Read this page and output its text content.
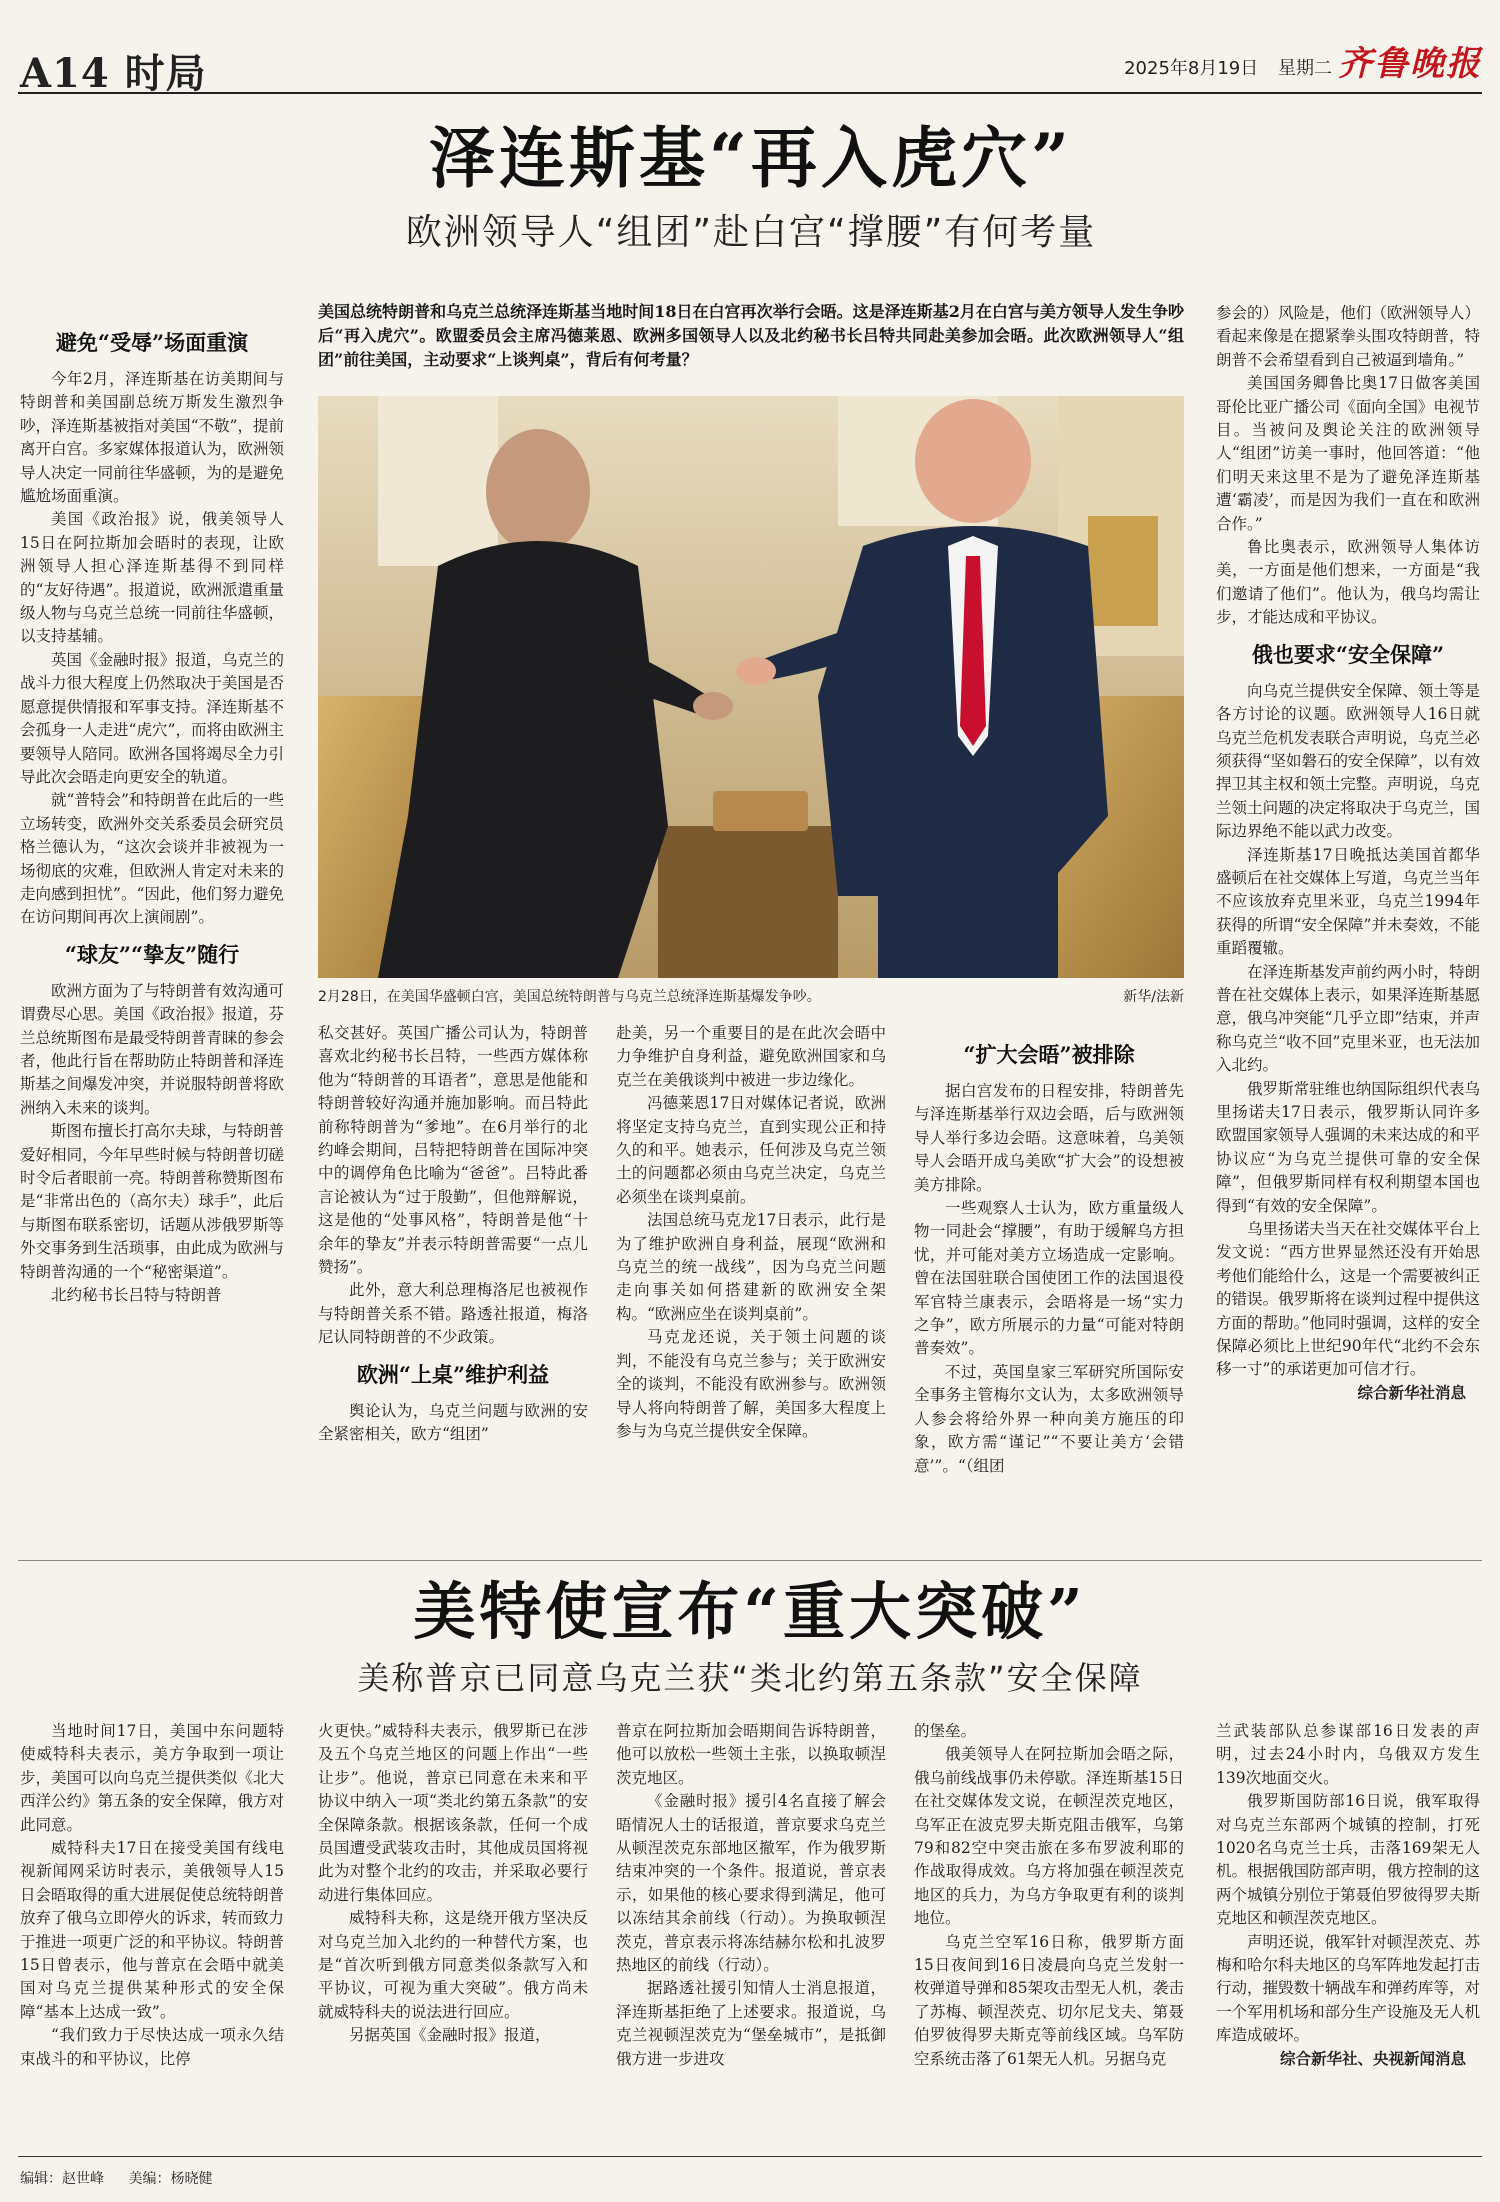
A14 时局	2025年8月19日 星期二 齐鲁晚报
泽连斯基“再入虎穴”
欧洲领导人“组团”赴白宫“撑腰”有何考量
避免“受辱”场面重演

今年2月，泽连斯基在访美期间与特朗普和美国副总统万斯发生激烈争吵，泽连斯基被指对美国“不敬”，提前离开白宫。多家媒体报道认为，欧洲领导人决定一同前往华盛顿，为的是避免尴尬场面重演。

美国《政治报》说，俄美领导人15日在阿拉斯加会晤时的表现，让欧洲领导人担心泽连斯基得不到同样的“友好待遇”。报道说，欧洲派遣重量级人物与乌克兰总统一同前往华盛顿，以支持基辅。

英国《金融时报》报道，乌克兰的战斗力很大程度上仍然取决于美国是否愿意提供情报和军事支持。泽连斯基不会孤身一人走进“虎穴”，而将由欧洲主要领导人陪同。欧洲各国将竭尽全力引导此次会晤走向更安全的轨道。

就“普特会”和特朗普在此后的一些立场转变，欧洲外交关系委员会研究员格兰德认为，“这次会谈并非被视为一场彻底的灾难，但欧洲人肯定对未来的走向感到担忧”。“因此，他们努力避免在访问期间再次上演闹剧”。

“球友”“挚友”随行

欧洲方面为了与特朗普有效沟通可谓费尽心思。美国《政治报》报道，芬兰总统斯图布是最受特朗普青睐的参会者，他此行旨在帮助防止特朗普和泽连斯基之间爆发冲突，并说服特朗普将欧洲纳入未来的谈判。

斯图布擅长打高尔夫球，与特朗普爱好相同，今年早些时候与特朗普切磋时令后者眼前一亮。特朗普称赞斯图布是“非常出色的（高尔夫）球手”，此后与斯图布联系密切，话题从涉俄罗斯等外交事务到生活琐事，由此成为欧洲与特朗普沟通的一个“秘密渠道”。

北约秘书长吕特与特朗普

美国总统特朗普和乌克兰总统泽连斯基当地时间18日在白宫再次举行会晤。这是泽连斯基2月在白宫与美方领导人发生争吵后“再入虎穴”。欧盟委员会主席冯德莱恩、欧洲多国领导人以及北约秘书长吕特共同赴美参加会晤。此次欧洲领导人“组团”前往美国，主动要求“上谈判桌”，背后有何考量？
2月28日，在美国华盛顿白宫，美国总统特朗普与乌克兰总统泽连斯基爆发争吵。	新华/法新

私交甚好。英国广播公司认为，特朗普喜欢北约秘书长吕特，一些西方媒体称他为“特朗普的耳语者”，意思是他能和特朗普较好沟通并施加影响。而吕特此前称特朗普为“爹地”。在6月举行的北约峰会期间，吕特把特朗普在国际冲突中的调停角色比喻为“爸爸”。吕特此番言论被认为“过于殷勤”，但他辩解说，这是他的“处事风格”，特朗普是他“十余年的挚友”并表示特朗普需要“一点儿赞扬”。

此外，意大利总理梅洛尼也被视作与特朗普关系不错。路透社报道，梅洛尼认同特朗普的不少政策。

欧洲“上桌”维护利益

舆论认为，乌克兰问题与欧洲的安全紧密相关，欧方“组团”

赴美，另一个重要目的是在此次会晤中力争维护自身利益，避免欧洲国家和乌克兰在美俄谈判中被进一步边缘化。

冯德莱恩17日对媒体记者说，欧洲将坚定支持乌克兰，直到实现公正和持久的和平。她表示，任何涉及乌克兰领土的问题都必须由乌克兰决定，乌克兰必须坐在谈判桌前。

法国总统马克龙17日表示，此行是为了维护欧洲自身利益，展现“欧洲和乌克兰的统一战线”，因为乌克兰问题走向事关如何搭建新的欧洲安全架构。“欧洲应坐在谈判桌前”。

马克龙还说，关于领土问题的谈判，不能没有乌克兰参与；关于欧洲安全的谈判，不能没有欧洲参与。欧洲领导人将向特朗普了解，美国多大程度上参与为乌克兰提供安全保障。

“扩大会晤”被排除

据白宫发布的日程安排，特朗普先与泽连斯基举行双边会晤，后与欧洲领导人举行多边会晤。这意味着，乌美领导人会晤开成乌美欧“扩大会”的设想被美方排除。

一些观察人士认为，欧方重量级人物一同赴会“撑腰”，有助于缓解乌方担忧，并可能对美方立场造成一定影响。曾在法国驻联合国使团工作的法国退役军官特兰康表示，会晤将是一场“实力之争”，欧方所展示的力量“可能对特朗普奏效”。

不过，英国皇家三军研究所国际安全事务主管梅尔文认为，太多欧洲领导人参会将给外界一种向美方施压的印象，欧方需“谨记”“不要让美方‘会错意’”。“（组团

参会的）风险是，他们（欧洲领导人）看起来像是在摁紧拳头围攻特朗普，特朗普不会希望看到自己被逼到墙角。”

美国国务卿鲁比奥17日做客美国哥伦比亚广播公司《面向全国》电视节目。当被问及舆论关注的欧洲领导人“组团”访美一事时，他回答道：“他们明天来这里不是为了避免泽连斯基遭‘霸凌’，而是因为我们一直在和欧洲合作。”

鲁比奥表示，欧洲领导人集体访美，一方面是他们想来，一方面是“我们邀请了他们”。他认为，俄乌均需让步，才能达成和平协议。

俄也要求“安全保障”

向乌克兰提供安全保障、领土等是各方讨论的议题。欧洲领导人16日就乌克兰危机发表联合声明说，乌克兰必须获得“坚如磐石的安全保障”，以有效捍卫其主权和领土完整。声明说，乌克兰领土问题的决定将取决于乌克兰，国际边界绝不能以武力改变。

泽连斯基17日晚抵达美国首都华盛顿后在社交媒体上写道，乌克兰当年不应该放弃克里米亚，乌克兰1994年获得的所谓“安全保障”并未奏效，不能重蹈覆辙。

在泽连斯基发声前约两小时，特朗普在社交媒体上表示，如果泽连斯基愿意，俄乌冲突能“几乎立即”结束，并声称乌克兰“收不回”克里米亚，也无法加入北约。

俄罗斯常驻维也纳国际组织代表乌里扬诺夫17日表示，俄罗斯认同许多欧盟国家领导人强调的未来达成的和平协议应“为乌克兰提供可靠的安全保障”，但俄罗斯同样有权利期望本国也得到“有效的安全保障”。

乌里扬诺夫当天在社交媒体平台上发文说：“西方世界显然还没有开始思考他们能给什么，这是一个需要被纠正的错误。俄罗斯将在谈判过程中提供这方面的帮助。”他同时强调，这样的安全保障必须比上世纪90年代“北约不会东移一寸”的承诺更加可信才行。

综合新华社消息

美特使宣布“重大突破”
美称普京已同意乌克兰获“类北约第五条款”安全保障

当地时间17日，美国中东问题特使威特科夫表示，美方争取到一项让步，美国可以向乌克兰提供类似《北大西洋公约》第五条的安全保障，俄方对此同意。

威特科夫17日在接受美国有线电视新闻网采访时表示，美俄领导人15日会晤取得的重大进展促使总统特朗普放弃了俄乌立即停火的诉求，转而致力于推进一项更广泛的和平协议。特朗普15日曾表示，他与普京在会晤中就美国对乌克兰提供某种形式的安全保障“基本上达成一致”。

“我们致力于尽快达成一项永久结束战斗的和平协议，比停

火更快。”威特科夫表示，俄罗斯已在涉及五个乌克兰地区的问题上作出“一些让步”。他说，普京已同意在未来和平协议中纳入一项“类北约第五条款”的安全保障条款。根据该条款，任何一个成员国遭受武装攻击时，其他成员国将视此为对整个北约的攻击，并采取必要行动进行集体回应。

威特科夫称，这是绕开俄方坚决反对乌克兰加入北约的一种替代方案，也是“首次听到俄方同意类似条款写入和平协议，可视为重大突破”。俄方尚未就威特科夫的说法进行回应。

另据英国《金融时报》报道，

普京在阿拉斯加会晤期间告诉特朗普，他可以放松一些领土主张，以换取顿涅茨克地区。

《金融时报》援引4名直接了解会晤情况人士的话报道，普京要求乌克兰从顿涅茨克东部地区撤军，作为俄罗斯结束冲突的一个条件。报道说，普京表示，如果他的核心要求得到满足，他可以冻结其余前线（行动）。为换取顿涅茨克，普京表示将冻结赫尔松和扎波罗热地区的前线（行动）。

据路透社援引知情人士消息报道，泽连斯基拒绝了上述要求。报道说，乌克兰视顿涅茨克为“堡垒城市”，是抵御俄方进一步进攻

的堡垒。

俄美领导人在阿拉斯加会晤之际，俄乌前线战事仍未停歇。泽连斯基15日在社交媒体发文说，在顿涅茨克地区，乌军正在波克罗夫斯克阻击俄军，乌第79和82空中突击旅在多布罗波利耶的作战取得成效。乌方将加强在顿涅茨克地区的兵力，为乌方争取更有利的谈判地位。

乌克兰空军16日称，俄罗斯方面15日夜间到16日凌晨向乌克兰发射一枚弹道导弹和85架攻击型无人机，袭击了苏梅、顿涅茨克、切尔尼戈夫、第聂伯罗彼得罗夫斯克等前线区域。乌军防空系统击落了61架无人机。另据乌克

兰武装部队总参谋部16日发表的声明，过去24小时内，乌俄双方发生139次地面交火。

俄罗斯国防部16日说，俄军取得对乌克兰东部两个城镇的控制，打死1020名乌克兰士兵，击落169架无人机。根据俄国防部声明，俄方控制的这两个城镇分别位于第聂伯罗彼得罗夫斯克地区和顿涅茨克地区。

声明还说，俄军针对顿涅茨克、苏梅和哈尔科夫地区的乌军阵地发起打击行动，摧毁数十辆战车和弹药库等，对一个军用机场和部分生产设施及无人机库造成破坏。

综合新华社、央视新闻消息

编辑：赵世峰 美编：杨晓健
